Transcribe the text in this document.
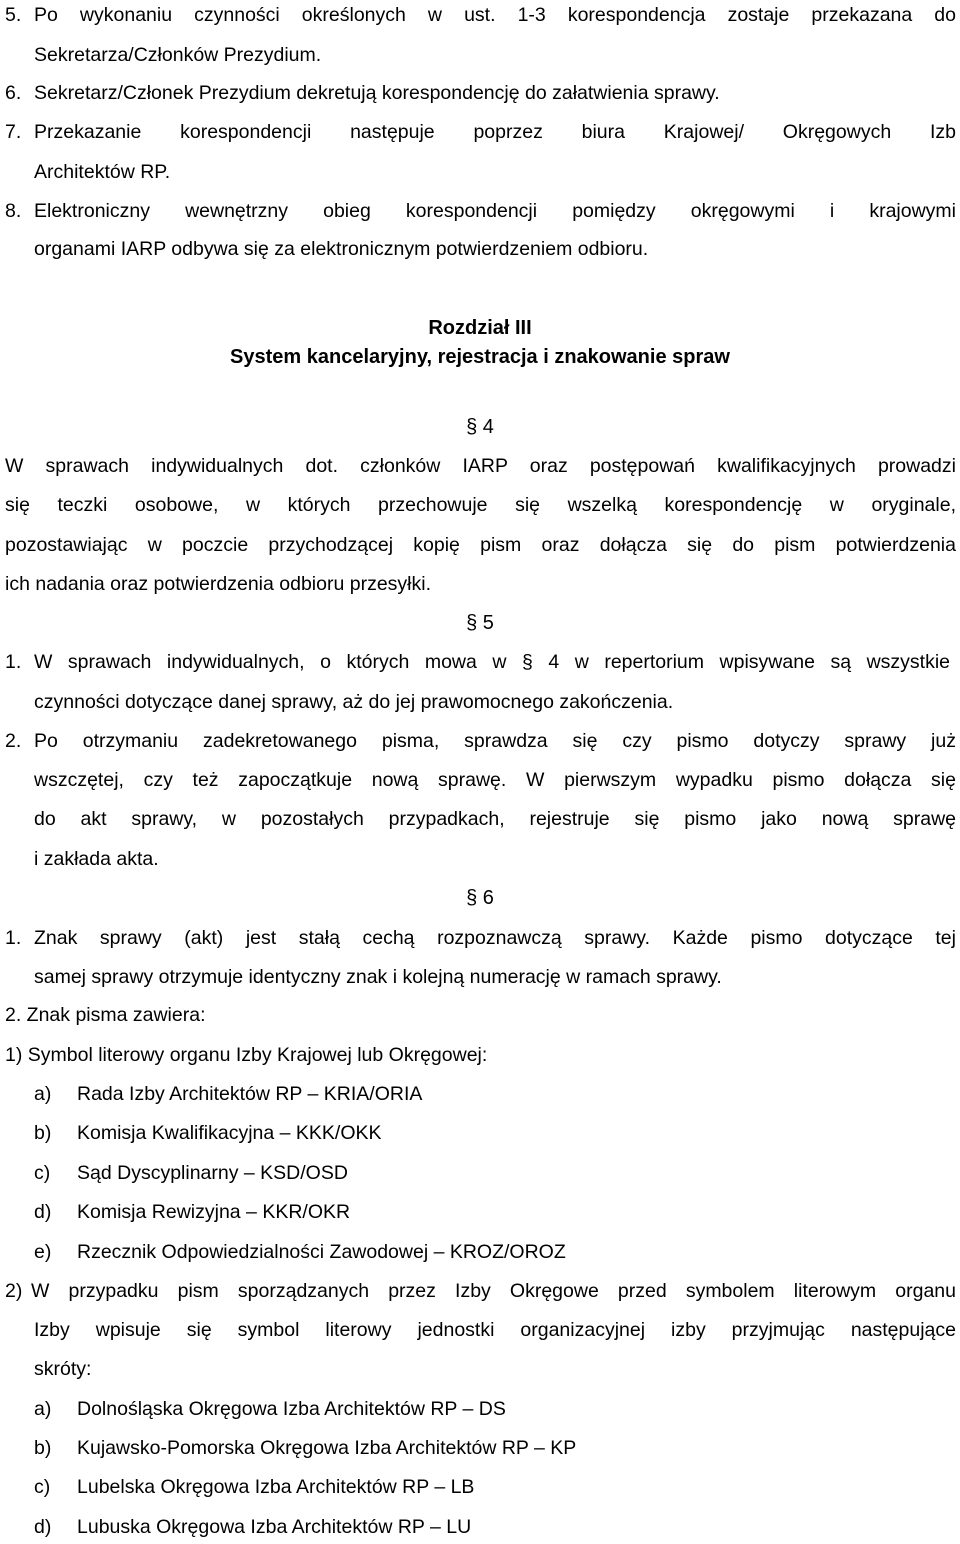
5. Po wykonaniu czynności określonych w ust. 1-3 korespondencja zostaje przekazana do
Sekretarza/Członków Prezydium.
6. Sekretarz/Członek Prezydium dekretują korespondencję do załatwienia sprawy.
7. Przekazanie korespondencji następuje poprzez biura Krajowej/ Okręgowych Izb
Architektów RP.
8. Elektroniczny wewnętrzny obieg korespondencji pomiędzy okręgowymi i krajowymi
organami IARP odbywa się za elektronicznym potwierdzeniem odbioru.
Rozdział III
System kancelaryjny, rejestracja i znakowanie spraw
§ 4
W sprawach indywidualnych dot. członków IARP oraz postępowań kwalifikacyjnych prowadzi
się teczki osobowe, w których przechowuje się wszelką korespondencję w oryginale,
pozostawiając w poczcie przychodzącej kopię pism oraz dołącza się do pism potwierdzenia
ich nadania oraz potwierdzenia odbioru przesyłki.
§ 5
1. W sprawach indywidualnych, o których mowa w § 4 w repertorium wpisywane są wszystkie
czynności dotyczące danej sprawy, aż do jej prawomocnego zakończenia.
2. Po otrzymaniu zadekretowanego pisma, sprawdza się czy pismo dotyczy sprawy już
wszczętej, czy też zapoczątkuje nową sprawę. W pierwszym wypadku pismo dołącza się
do akt sprawy, w pozostałych przypadkach, rejestruje się pismo jako nową sprawę
i zakłada akta.
§ 6
1. Znak sprawy (akt) jest stałą cechą rozpoznawczą sprawy. Każde pismo dotyczące tej
samej sprawy otrzymuje identyczny znak i kolejną numerację w ramach sprawy.
2. Znak pisma zawiera:
1) Symbol literowy organu Izby Krajowej lub Okręgowej:
a) Rada Izby Architektów RP – KRIA/ORIA
b) Komisja Kwalifikacyjna – KKK/OKK
c) Sąd Dyscyplinarny – KSD/OSD
d) Komisja Rewizyjna – KKR/OKR
e) Rzecznik Odpowiedzialności Zawodowej – KROZ/OROZ
2) W przypadku pism sporządzanych przez Izby Okręgowe przed symbolem literowym organu
Izby wpisuje się symbol literowy jednostki organizacyjnej izby przyjmując następujące
skróty:
a) Dolnośląska Okręgowa Izba Architektów RP – DS
b) Kujawsko-Pomorska Okręgowa Izba Architektów RP – KP
c) Lubelska Okręgowa Izba Architektów RP – LB
d) Lubuska Okręgowa Izba Architektów RP – LU
